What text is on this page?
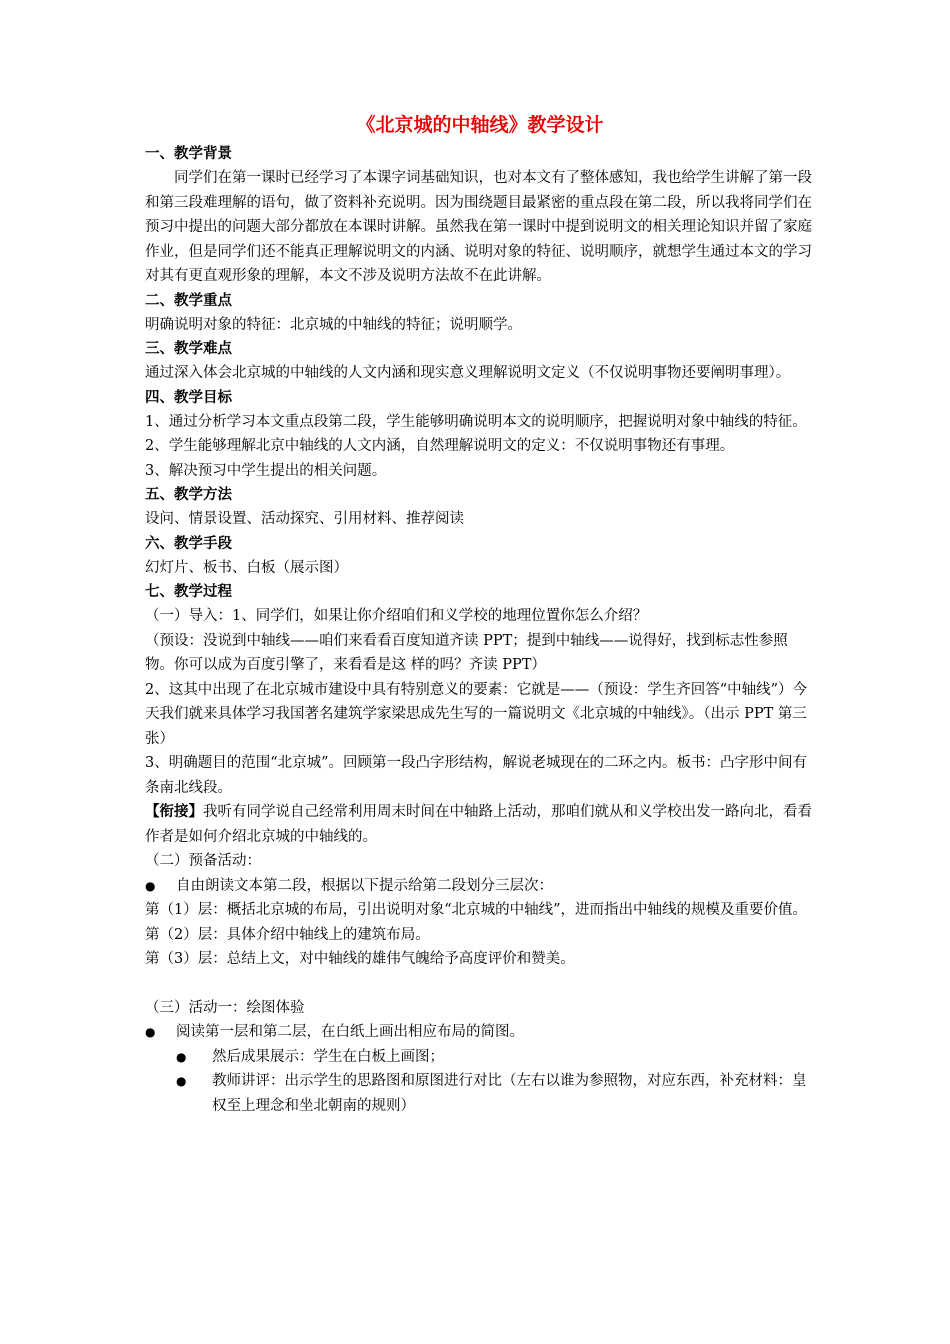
《北京城的中轴线》教学设计
一、教学背景

同学们在第一课时已经学习了本课字词基础知识，也对本文有了整体感知，我也给学生讲解了第一段和第三段难理解的语句，做了资料补充说明。因为围绕题目最紧密的重点段在第二段，所以我将同学们在预习中提出的问题大部分都放在本课时讲解。虽然我在第一课时中提到说明文的相关理论知识并留了家庭作业，但是同学们还不能真正理解说明文的内涵、说明对象的特征、说明顺序，就想学生通过本文的学习对其有更直观形象的理解，本文不涉及说明方法故不在此讲解。

二、教学重点

明确说明对象的特征：北京城的中轴线的特征；说明顺学。

三、教学难点

通过深入体会北京城的中轴线的人文内涵和现实意义理解说明文定义（不仅说明事物还要阐明事理）。

四、教学目标

1、通过分析学习本文重点段第二段，学生能够明确说明本文的说明顺序，把握说明对象中轴线的特征。

2、学生能够理解北京中轴线的人文内涵，自然理解说明文的定义：不仅说明事物还有事理。

3、解决预习中学生提出的相关问题。

五、教学方法

设问、情景设置、活动探究、引用材料、推荐阅读

六、教学手段

幻灯片、板书、白板（展示图）

七、教学过程

（一）导入：1、同学们，如果让你介绍咱们和义学校的地理位置你怎么介绍？

（预设：没说到中轴线——咱们来看看百度知道齐读 PPT；提到中轴线——说得好，找到标志性参照物。你可以成为百度引擎了，来看看是这 样的吗？齐读 PPT）

2、这其中出现了在北京城市建设中具有特别意义的要素：它就是——（预设：学生齐回答“中轴线”）今天我们就来具体学习我国著名建筑学家梁思成先生写的一篇说明文《北京城的中轴线》。（出示 PPT 第三张）

3、明确题目的范围“北京城”。回顾第一段凸字形结构，解说老城现在的二环之内。板书：凸字形中间有条南北线段。

【衔接】我听有同学说自己经常利用周末时间在中轴路上活动，那咱们就从和义学校出发一路向北，看看作者是如何介绍北京城的中轴线的。

（二）预备活动：

●	自由朗读文本第二段，根据以下提示给第二段划分三层次：

第（1）层：概括北京城的布局，引出说明对象“北京城的中轴线”，进而指出中轴线的规模及重要价值。

第（2）层：具体介绍中轴线上的建筑布局。

第（3）层：总结上文，对中轴线的雄伟气魄给予高度评价和赞美。

（三）活动一：绘图体验

●	阅读第一层和第二层，在白纸上画出相应布局的简图。
●	然后成果展示：学生在白板上画图；
●	教师讲评：出示学生的思路图和原图进行对比（左右以谁为参照物，对应东西，补充材料：皇权至上理念和坐北朝南的规则）
